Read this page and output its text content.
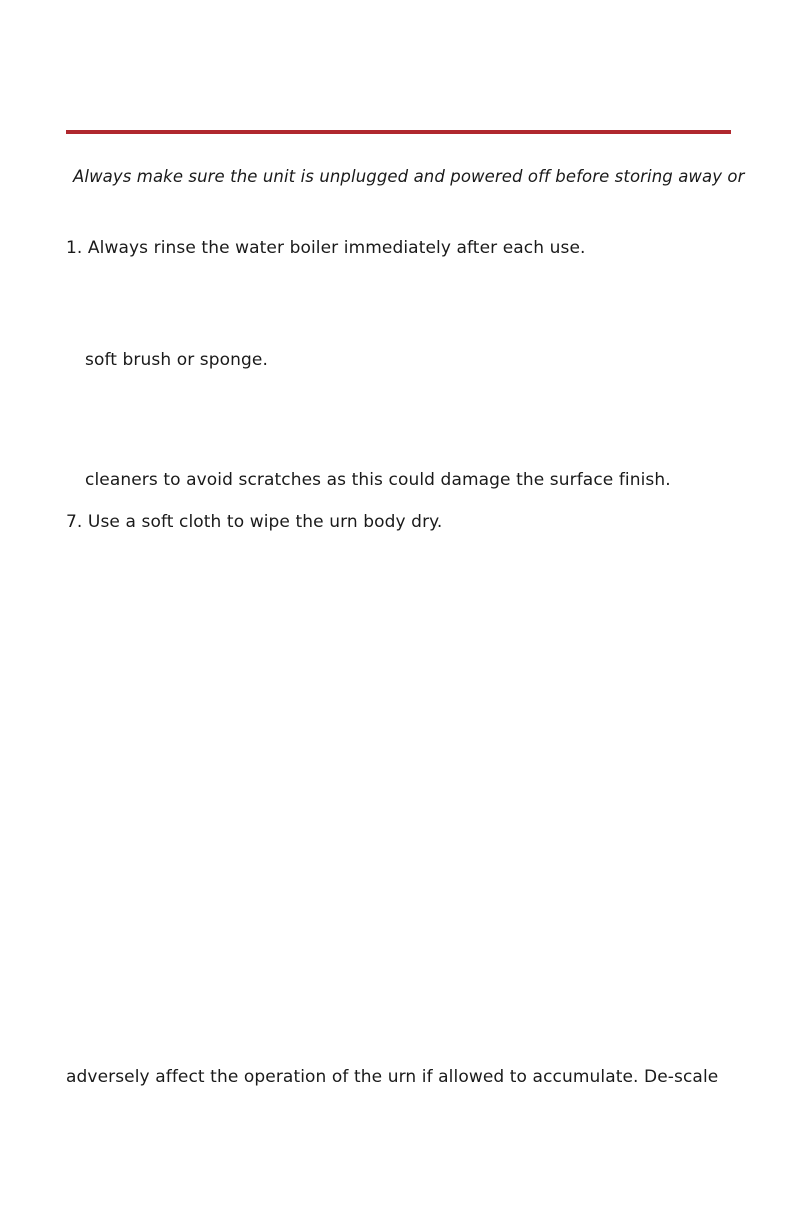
Always make sure the unit is unplugged and powered off before storing away or
1. Always rinse the water boiler immediately after each use.
soft brush or sponge.
cleaners to avoid scratches as this could damage the surface finish.
7. Use a soft cloth to wipe the urn body dry.
adversely affect the operation of the urn if allowed to accumulate. De-scale
